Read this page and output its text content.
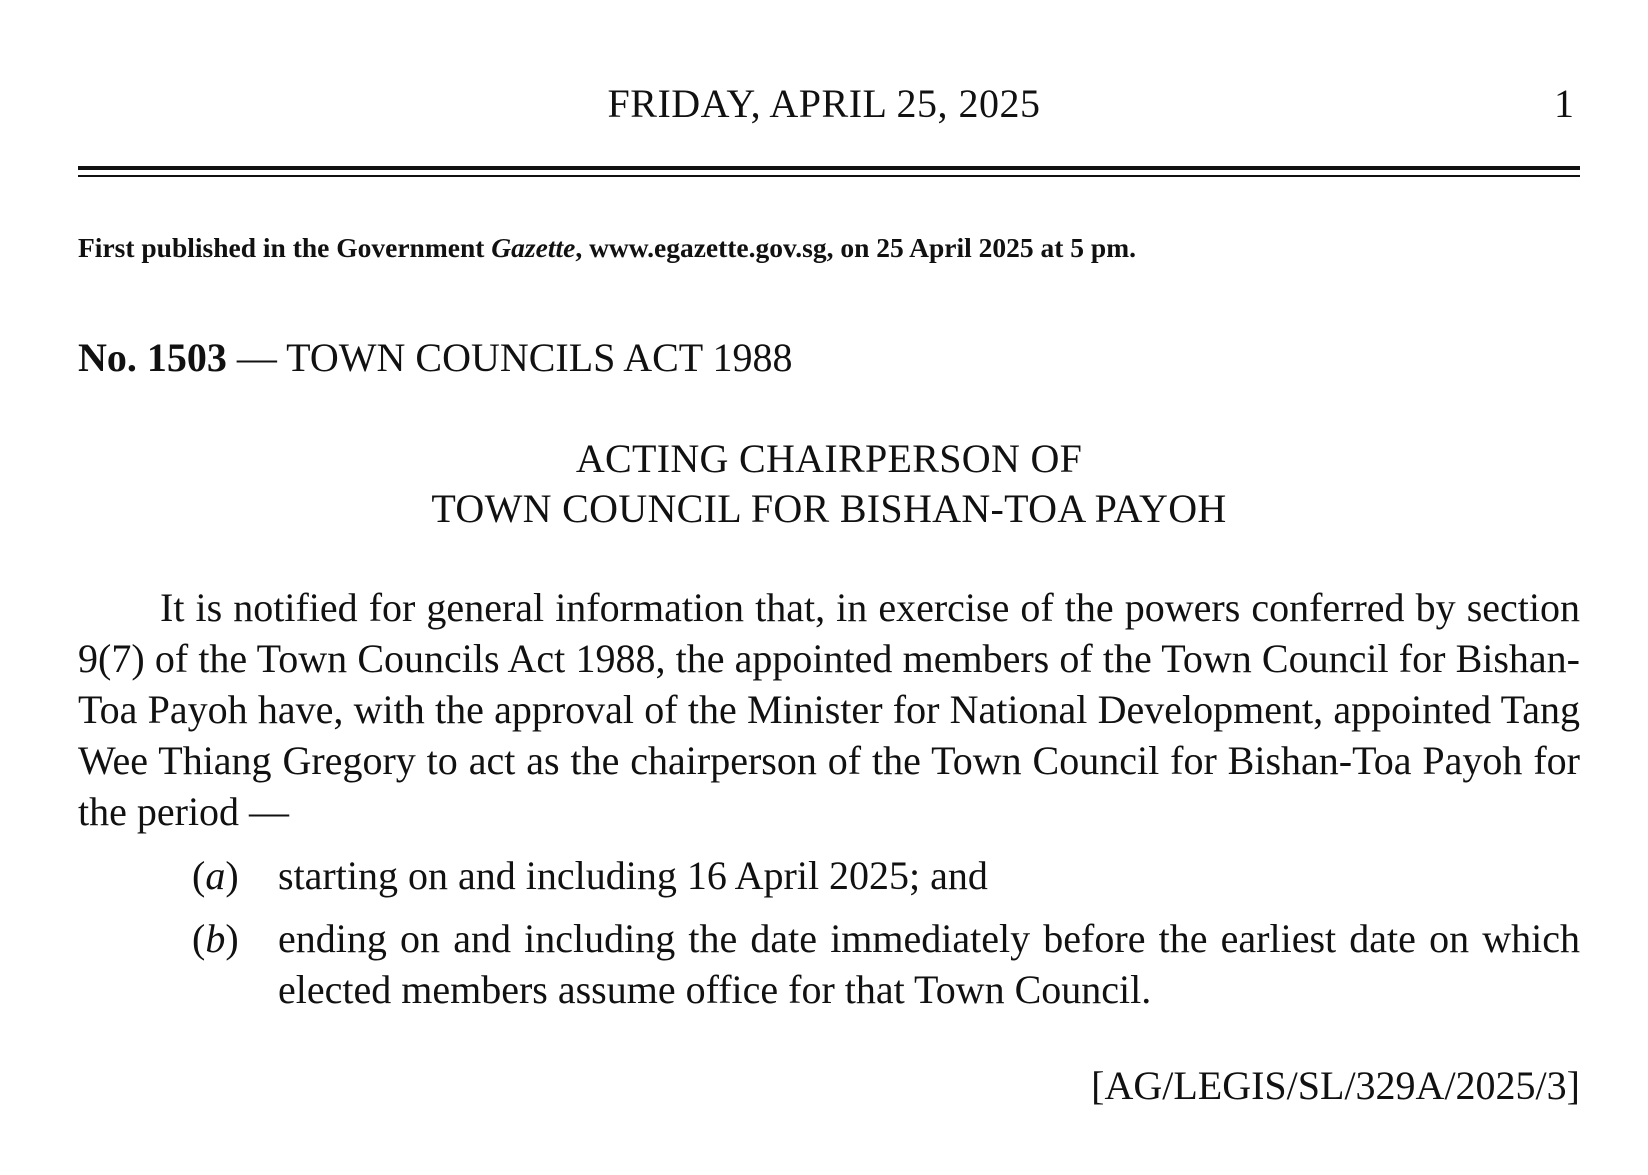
FRIDAY, APRIL 25, 2025	1
First published in the Government Gazette, www.egazette.gov.sg, on 25 April 2025 at 5 pm.
No. 1503 — TOWN COUNCILS ACT 1988
ACTING CHAIRPERSON OF
TOWN COUNCIL FOR BISHAN-TOA PAYOH

It is notified for general information that, in exercise of the powers conferred by section 9(7) of the Town Councils Act 1988, the appointed members of the Town Council for Bishan-Toa Payoh have, with the approval of the Minister for National Development, appointed Tang Wee Thiang Gregory to act as the chairperson of the Town Council for Bishan-Toa Payoh for the period —

(a) starting on and including 16 April 2025; and
(b) ending on and including the date immediately before the earliest date on which elected members assume office for that Town Council.
[AG/LEGIS/SL/329A/2025/3]
